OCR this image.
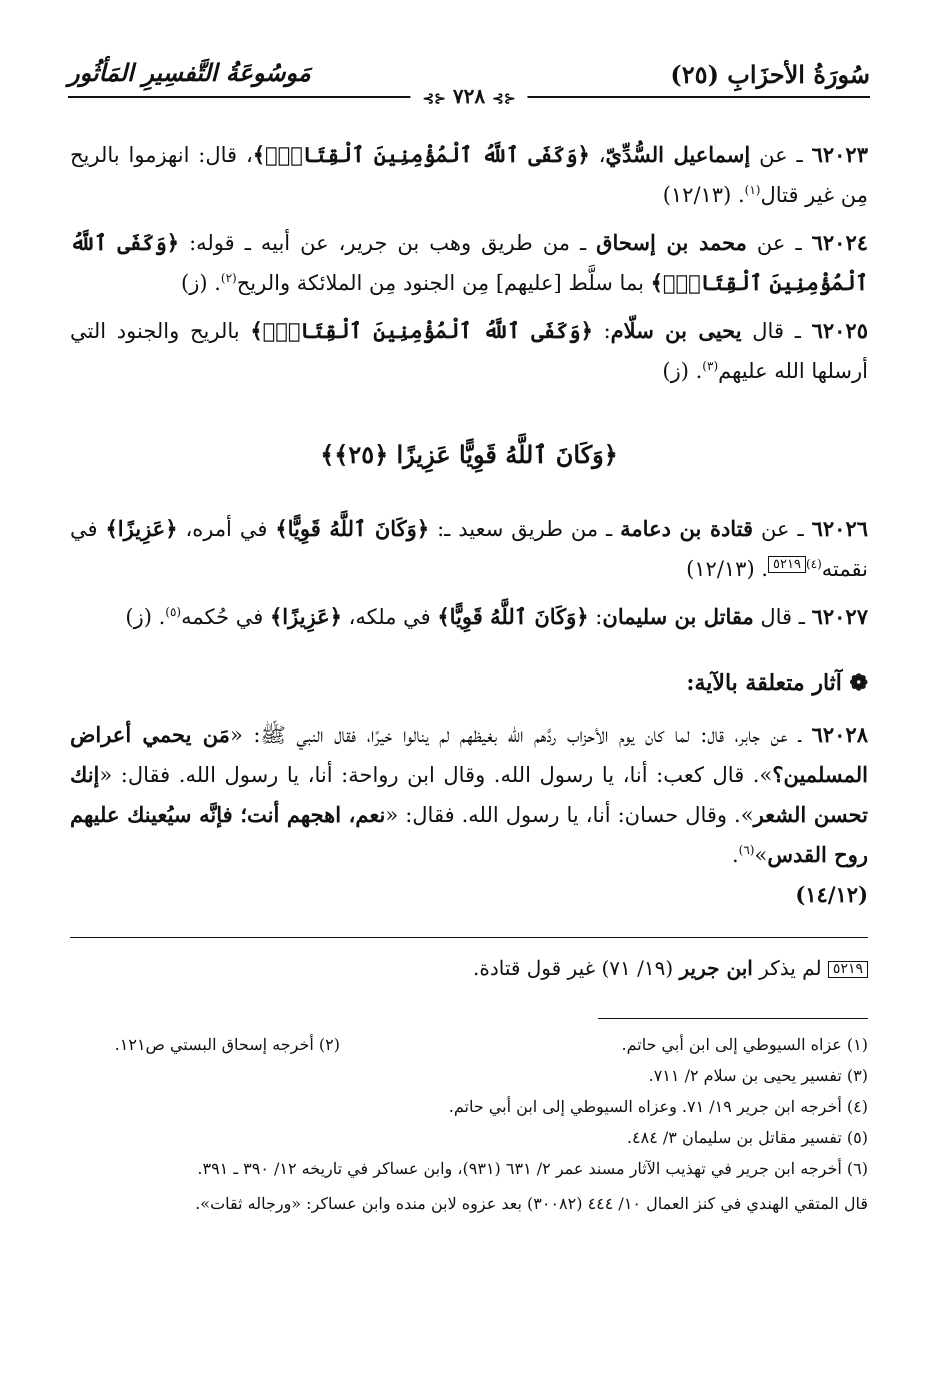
سُورَةُ الأحزَابِ (٢٥)
مَوسُوعَةُ التَّفسِيرِ المَأثُور
⊰⊱ ٧٢٨ ⊰⊱

٦٢٠٢٣ ـ عن إسماعيل السُّدِّيّ، ﴿وَكَفَى ٱللَّهُ ٱلْمُؤْمِنِينَ ٱلْقِتَالَۚ﴾، قال: انهزموا بالريح مِن غير قتال$^{(١)}$. (١٢/١٣)

٦٢٠٢٤ ـ عن محمد بن إسحاق ـ من طريق وهب بن جرير، عن أبيه ـ قوله: ﴿وَكَفَى ٱللَّهُ ٱلْمُؤْمِنِينَ ٱلْقِتَالَۚ﴾ بما سلَّط [عليهم] مِن الجنود مِن الملائكة والريح$^{(٢)}$. (ز)

٦٢٠٢٥ ـ قال يحيى بن سلّام: ﴿وَكَفَى ٱللَّهُ ٱلْمُؤْمِنِينَ ٱلْقِتَالَۚ﴾ بالريح والجنود التي أرسلها الله عليهم$^{(٣)}$. (ز)

﴿وَكَانَ ٱللَّهُ قَوِيًّا عَزِيزًا ﴿٢٥﴾﴾

٦٢٠٢٦ ـ عن قتادة بن دعامة ـ من طريق سعيد ـ: ﴿وَكَانَ ٱللَّهُ قَوِيًّا﴾ في أمره، ﴿عَزِيزًا﴾ في نقمته$^{(٤)}$٥٢١٩. (١٢/١٣)

٦٢٠٢٧ ـ قال مقاتل بن سليمان: ﴿وَكَانَ ٱللَّهُ قَوِيًّا﴾ في ملكه، ﴿عَزِيزًا﴾ في حُكمه$^{(٥)}$. (ز)

❁ آثار متعلقة بالآية:

٦٢٠٢٨ ـ عن جابر، قال: لما كان يوم الأحزاب ردَّهم الله بغيظهم لم ينالوا خيرًا، فقال النبي ﷺ: «مَن يحمي أعراض المسلمين؟». قال كعب: أنا، يا رسول الله. وقال ابن رواحة: أنا، يا رسول الله. فقال: «إنك تحسن الشعر». وقال حسان: أنا، يا رسول الله. فقال: «نعم، اهجهم أنت؛ فإنَّه سيُعينك عليهم روح القدس»$^{(٦)}$.
(١٤/١٢)

٥٢١٩ لم يذكر ابن جرير (١٩/ ٧١) غير قول قتادة.
(١) عزاه السيوطي إلى ابن أبي حاتم.
(٢) أخرجه إسحاق البستي ص١٢١.
(٣) تفسير يحيى بن سلام ٢/ ٧١١.
(٤) أخرجه ابن جرير ١٩/ ٧١. وعزاه السيوطي إلى ابن أبي حاتم.
(٥) تفسير مقاتل بن سليمان ٣/ ٤٨٤.
(٦) أخرجه ابن جرير في تهذيب الآثار مسند عمر ٢/ ٦٣١ (٩٣١)، وابن عساكر في تاريخه ١٢/ ٣٩٠ ـ ٣٩١.
قال المتقي الهندي في كنز العمال ١٠/ ٤٤٤ (٣٠٠٨٢) بعد عزوه لابن منده وابن عساكر: «ورجاله ثقات».
